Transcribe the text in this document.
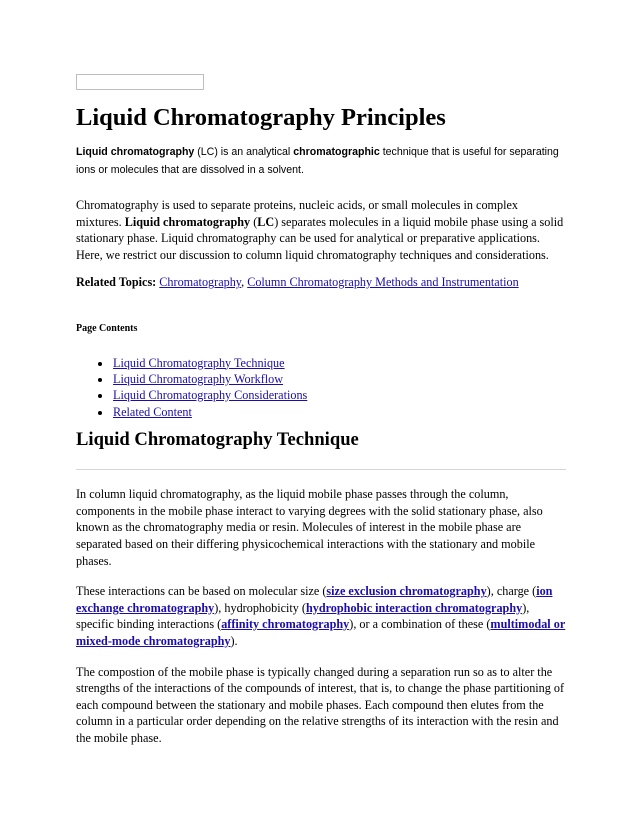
Liquid Chromatography Principles
Liquid chromatography (LC) is an analytical chromatographic technique that is useful for separating ions or molecules that are dissolved in a solvent.

Chromatography is used to separate proteins, nucleic acids, or small molecules in complex mixtures. Liquid chromatography (LC) separates molecules in a liquid mobile phase using a solid stationary phase. Liquid chromatography can be used for analytical or preparative applications. Here, we restrict our discussion to column liquid chromatography techniques and considerations.

Related Topics: Chromatography, Column Chromatography Methods and Instrumentation

Page Contents

• Liquid Chromatography Technique
• Liquid Chromatography Workflow
• Liquid Chromatography Considerations
• Related Content
Liquid Chromatography Technique

In column liquid chromatography, as the liquid mobile phase passes through the column, components in the mobile phase interact to varying degrees with the solid stationary phase, also known as the chromatography media or resin. Molecules of interest in the mobile phase are separated based on their differing physicochemical interactions with the stationary and mobile phases.

These interactions can be based on molecular size (size exclusion chromatography), charge (ion exchange chromatography), hydrophobicity (hydrophobic interaction chromatography), specific binding interactions (affinity chromatography), or a combination of these (multimodal or mixed-mode chromatography).

The compostion of the mobile phase is typically changed during a separation run so as to alter the strengths of the interactions of the compounds of interest, that is, to change the phase partitioning of each compound between the stationary and mobile phases. Each compound then elutes from the column in a particular order depending on the relative strengths of its interaction with the resin and the mobile phase.
